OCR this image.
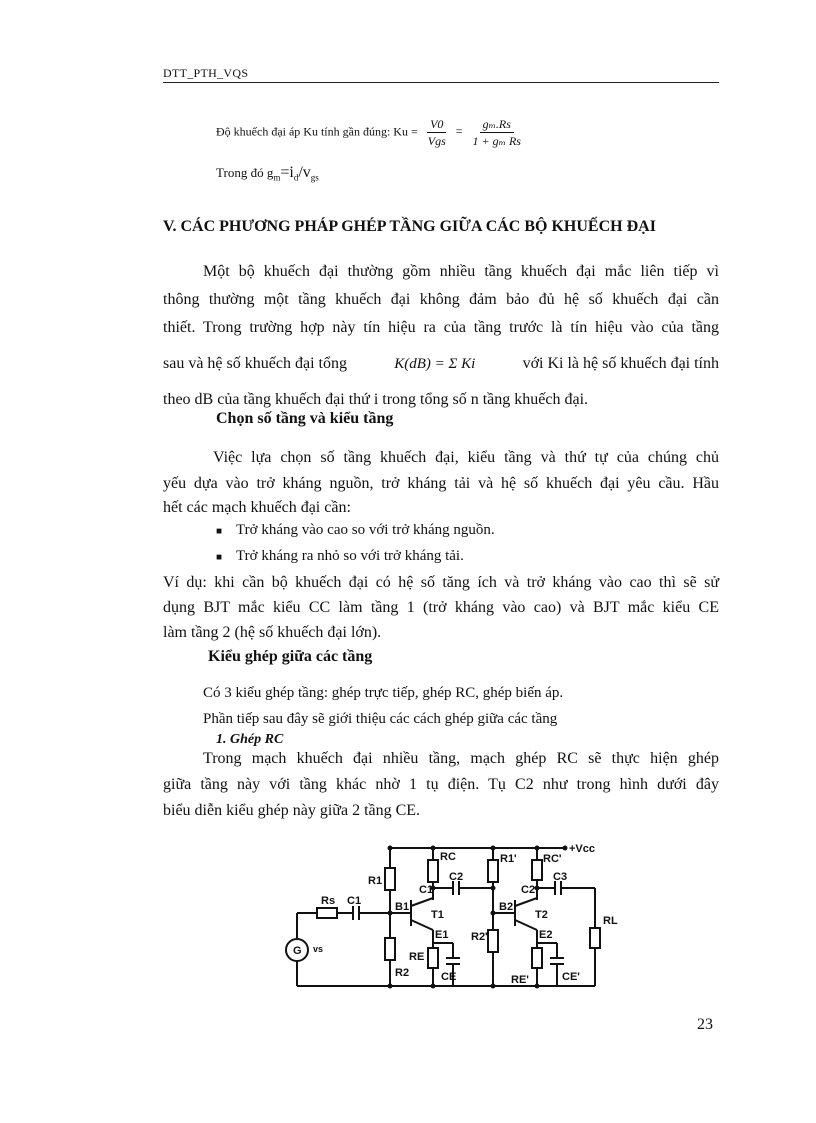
DTT_PTH_VQS
Độ khuếch đại áp Ku tính gần đúng: $Ku = \frac{V0}{\text{Vgs}} = \frac{\text{gₘ.Rs}}{\text{1 + gₘ Rs}}$
Trong đó $g_m=i_d/v_{gs}$
V. CÁC PHƯƠNG PHÁP GHÉP TẦNG GIỮA CÁC BỘ KHUẾCH ĐẠI
Một bộ khuếch đại thường gồm nhiều tầng khuếch đại mắc liên tiếp vì
thông thường một tầng khuếch đại không đảm bảo đủ hệ số khuếch đại cần
thiết. Trong trường hợp này tín hiệu ra của tầng trước là tín hiệu vào của tầng
sau và hệ số khuếch đại tổng	K(dB) = Σ Ki	với Ki là hệ số khuếch đại tính
theo dB của tầng khuếch đại thứ i trong tổng số n tầng khuếch đại.
Chọn số tầng và kiểu tầng
Việc lựa chọn số tầng khuếch đại, kiểu tầng và thứ tự của chúng chủ
yếu dựa vào trở kháng nguồn, trở kháng tải và hệ số khuếch đại yêu cầu. Hầu
hết các mạch khuếch đại cần:
■ Trở kháng vào cao so với trở kháng nguồn.
■ Trở kháng ra nhỏ so với trở kháng tải.
Ví dụ: khi cần bộ khuếch đại có hệ số tăng ích và trở kháng vào cao thì sẽ sử
dụng BJT mắc kiểu CC làm tầng 1 (trở kháng vào cao) và BJT mắc kiểu CE
làm tầng 2 (hệ số khuếch đại lớn).
Kiểu ghép giữa các tầng
Có 3 kiểu ghép tầng: ghép trực tiếp, ghép RC, ghép biến áp.
Phần tiếp sau đây sẽ giới thiệu các cách ghép giữa các tầng
1. Ghép RC
Trong mạch khuếch đại nhiều tầng, mạch ghép RC sẽ thực hiện ghép
giữa tầng này với tầng khác nhờ 1 tụ điện. Tụ C2 như trong hình dưới đây
biểu diễn kiểu ghép này giữa 2 tầng CE.
+Vcc
R1
RC	R1' RC'
C1
C2
C2
C3
Rs C1	B1
T1
E1
B2
T2
E2
R2
R2'
RE
CE	RE'	CE'
RL
G vs
23
